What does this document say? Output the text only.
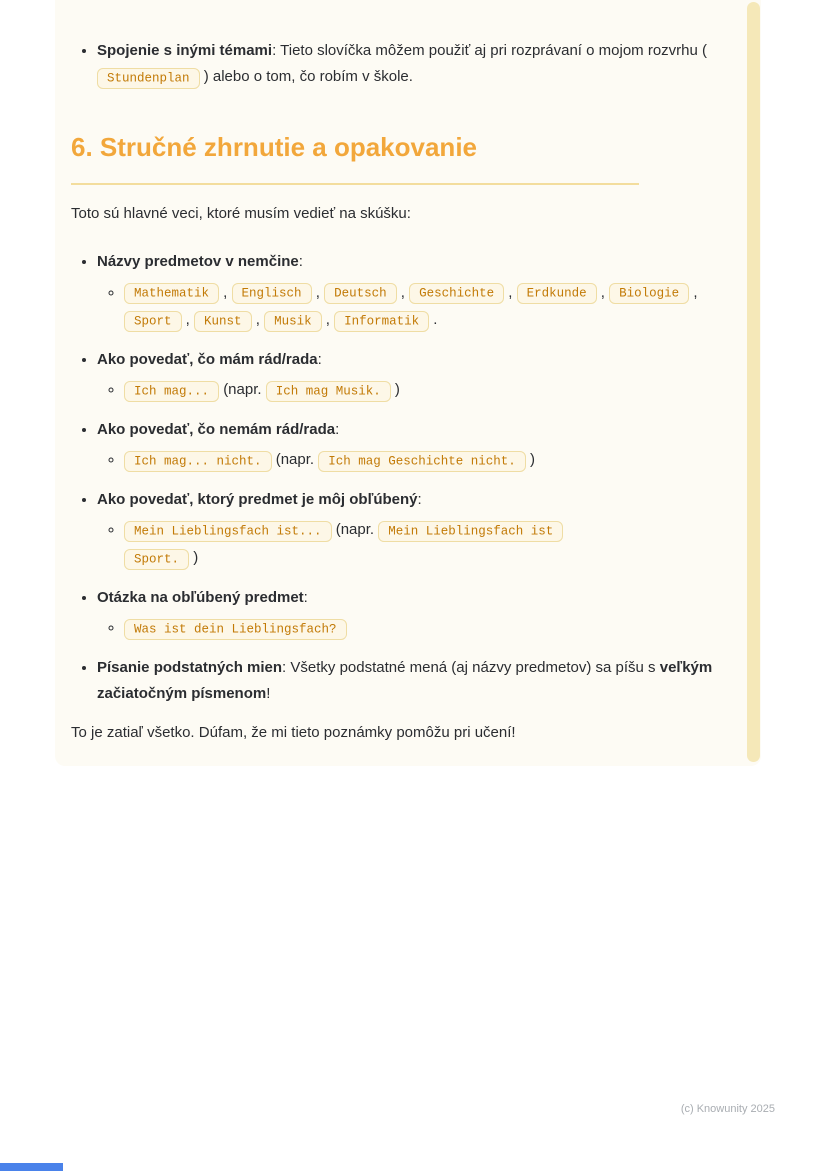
• Spojenie s inými témami: Tieto slovíčka môžem použiť aj pri rozprávaní o mojom rozvrhu ( Stundenplan ) alebo o tom, čo robím v škole.
6. Stručné zhrnutie a opakovanie

Toto sú hlavné veci, ktoré musím vedieť na skúšku:

• Názvy predmetov v nemčine:
◦ Mathematik , Englisch , Deutsch , Geschichte , Erdkunde , Biologie , Sport , Kunst , Musik , Informatik .
• Ako povedať, čo mám rád/rada:
◦ Ich mag... (napr. Ich mag Musik. )
• Ako povedať, čo nemám rád/rada:
◦ Ich mag... nicht. (napr. Ich mag Geschichte nicht. )
• Ako povedať, ktorý predmet je môj obľúbený:
◦ Mein Lieblingsfach ist... (napr. Mein Lieblingsfach ist Sport. )
• Otázka na obľúbený predmet:
◦ Was ist dein Lieblingsfach?
• Písanie podstatných mien: Všetky podstatné mená (aj názvy predmetov) sa píšu s veľkým začiatočným písmenom!

To je zatiaľ všetko. Dúfam, že mi tieto poznámky pomôžu pri učení!

(c) Knowunity 2025
